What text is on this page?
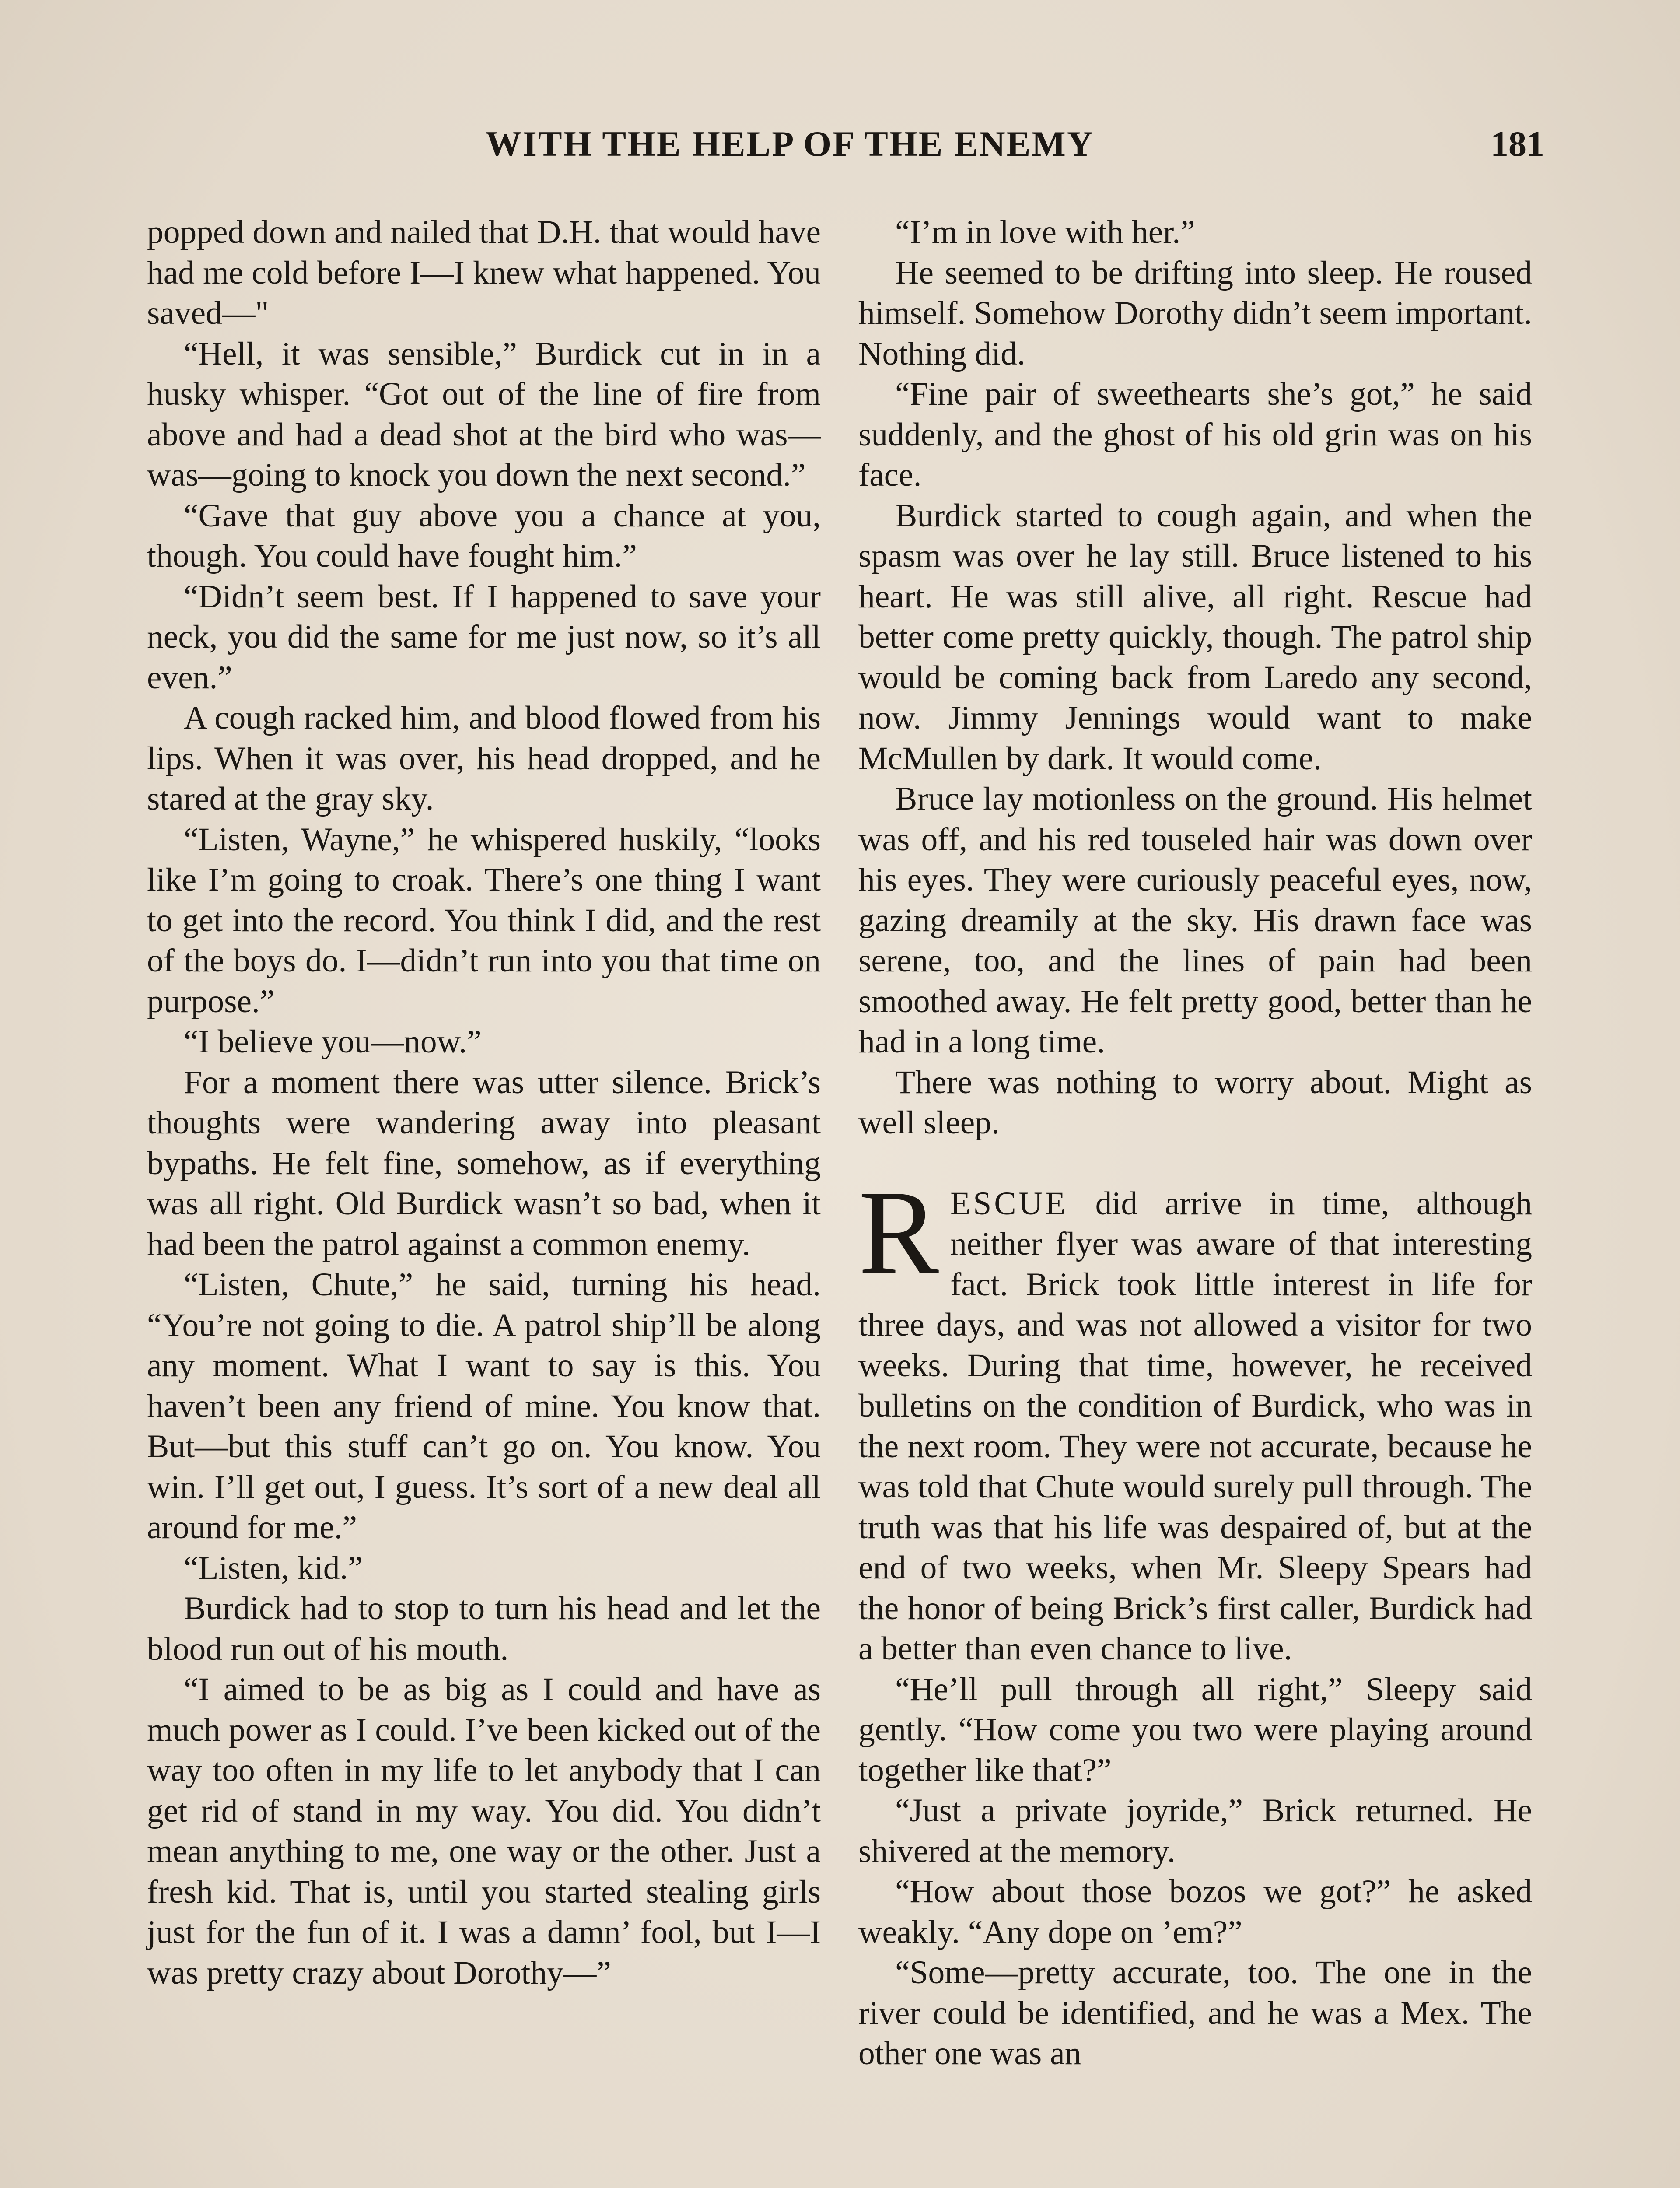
WITH THE HELP OF THE ENEMY	181

popped down and nailed that D.H. that would have had me cold before I—I knew what happened. You saved—"

“Hell, it was sensible,” Burdick cut in in a husky whisper. “Got out of the line of fire from above and had a dead shot at the bird who was—was—going to knock you down the next second.”

“Gave that guy above you a chance at you, though. You could have fought him.”

“Didn’t seem best. If I happened to save your neck, you did the same for me just now, so it’s all even.”

A cough racked him, and blood flowed from his lips. When it was over, his head dropped, and he stared at the gray sky.

“Listen, Wayne,” he whispered huskily, “looks like I’m going to croak. There’s one thing I want to get into the record. You think I did, and the rest of the boys do. I—didn’t run into you that time on purpose.”

“I believe you—now.”

For a moment there was utter silence. Brick’s thoughts were wandering away into pleasant bypaths. He felt fine, somehow, as if everything was all right. Old Burdick wasn’t so bad, when it had been the patrol against a common enemy.

“Listen, Chute,” he said, turning his head. “You’re not going to die. A patrol ship’ll be along any moment. What I want to say is this. You haven’t been any friend of mine. You know that. But—but this stuff can’t go on. You know. You win. I’ll get out, I guess. It’s sort of a new deal all around for me.”

“Listen, kid.”

Burdick had to stop to turn his head and let the blood run out of his mouth.

“I aimed to be as big as I could and have as much power as I could. I’ve been kicked out of the way too often in my life to let anybody that I can get rid of stand in my way. You did. You didn’t mean anything to me, one way or the other. Just a fresh kid. That is, until you started stealing girls just for the fun of it. I was a damn’ fool, but I—I was pretty crazy about Dorothy—”

“I’m in love with her.”

He seemed to be drifting into sleep. He roused himself. Somehow Dorothy didn’t seem important. Nothing did.

“Fine pair of sweethearts she’s got,” he said suddenly, and the ghost of his old grin was on his face.

Burdick started to cough again, and when the spasm was over he lay still. Bruce listened to his heart. He was still alive, all right. Rescue had better come pretty quickly, though. The patrol ship would be coming back from Laredo any second, now. Jimmy Jennings would want to make McMullen by dark. It would come.

Bruce lay motionless on the ground. His helmet was off, and his red touseled hair was down over his eyes. They were curiously peaceful eyes, now, gazing dreamily at the sky. His drawn face was serene, too, and the lines of pain had been smoothed away. He felt pretty good, better than he had in a long time.

There was nothing to worry about. Might as well sleep.

RESCUE did arrive in time, although neither flyer was aware of that interesting fact. Brick took little interest in life for three days, and was not allowed a visitor for two weeks. During that time, however, he received bulletins on the condition of Burdick, who was in the next room. They were not accurate, because he was told that Chute would surely pull through. The truth was that his life was despaired of, but at the end of two weeks, when Mr. Sleepy Spears had the honor of being Brick’s first caller, Burdick had a better than even chance to live.

“He’ll pull through all right,” Sleepy said gently. “How come you two were playing around together like that?”

“Just a private joyride,” Brick returned. He shivered at the memory.

“How about those bozos we got?” he asked weakly. “Any dope on ’em?”

“Some—pretty accurate, too. The one in the river could be identified, and he was a Mex. The other one was an
